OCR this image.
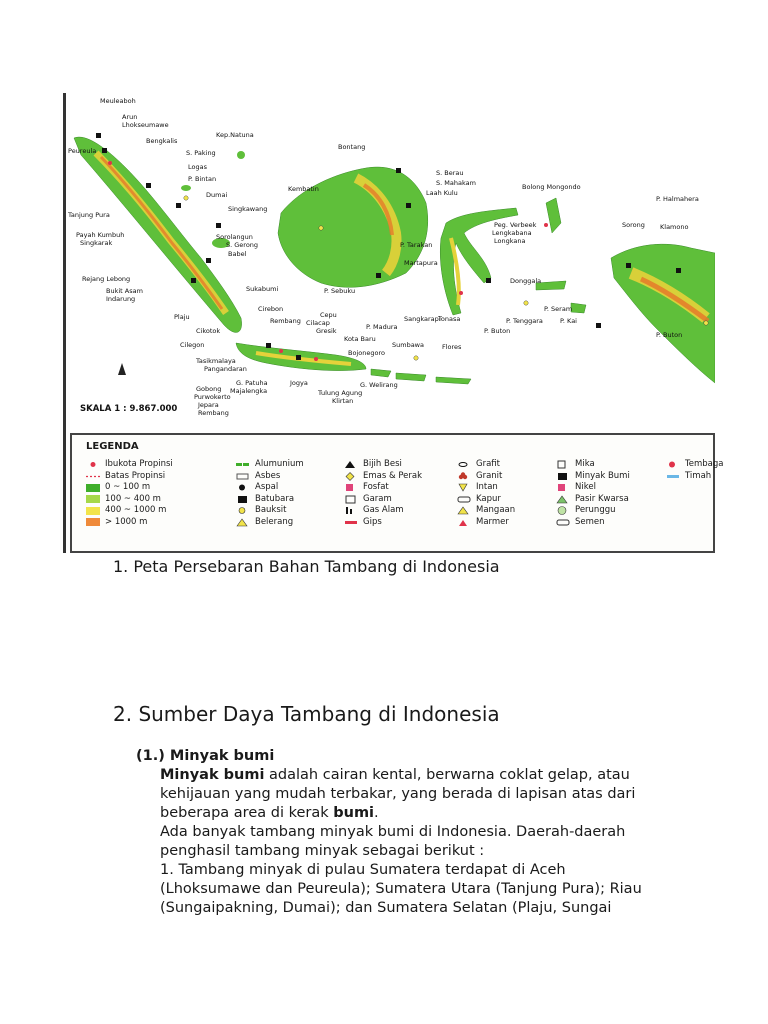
SKALA 1 : 9.867.000
Meuleaboh
Arun
Lhokseumawe
Bengkalis
Peureula	S. Paking
Logas
P. Bintan
Dumai
Tanjung Pura
Payah Kumbuh
Singkarak
Kep.Natuna
Singkawang
Sorolangun
S. Gerong
Babel
Rejang Lebong
Bukit Asam
Indarung
Plaju
Sukabumi
Cikotok
Cirebon
Cilegon
Rembang
Tasikmalaya
Pangandaran
G. Patuha
Majalengka
Gobong
Purwokerto
Jepara
Rembang
Jogya
Cepu
Cilacap
Gresik
Kota Baru
P. Madura
Bojonegoro
Tulung Agung
Klirtan
G. Welirang
Sumbawa	Flores
Bontang
Kembatin
S. Berau
S. Mahakam
Laah Kulu
P. Tarakan
Martapura
P. Sebuku
Tonasa
Sangkarapi
Bolong Mongondo
P. Halmahera
Peg. Verbeek
Lengkabana
Longkana
Donggala
P. Buton
P. Tenggara
P. Seram
P. Kai
Sorong Klamono
P. Buton
LEGENDA
Ibukota Propinsi
Batas Propinsi
0 ~ 100 m
100 ~ 400 m
400 ~ 1000 m
> 1000 m
Alumunium
Asbes
Aspal
Batubara
Bauksit
Belerang
Bijih Besi
Emas & Perak
Fosfat
Garam
Gas Alam
Gips
Grafit
Granit
Intan
Kapur
Mangaan
Marmer
Mika
Minyak Bumi
Nikel
Pasir Kwarsa
Perunggu
Semen
Tembaga
Timah
1. Peta Persebaran Bahan Tambang di Indonesia
2. Sumber Daya Tambang di Indonesia
(1.) Minyak bumi

Minyak bumi adalah cairan kental, berwarna coklat gelap, atau

kehijauan yang mudah terbakar, yang berada di lapisan atas dari

beberapa area di kerak bumi.

Ada banyak tambang minyak bumi di Indonesia. Daerah-daerah

penghasil tambang minyak sebagai berikut :

1. Tambang minyak di pulau Sumatera terdapat di Aceh

(Lhoksumawe dan Peureula); Sumatera Utara (Tanjung Pura); Riau

(Sungaipakning, Dumai); dan Sumatera Selatan (Plaju, Sungai
